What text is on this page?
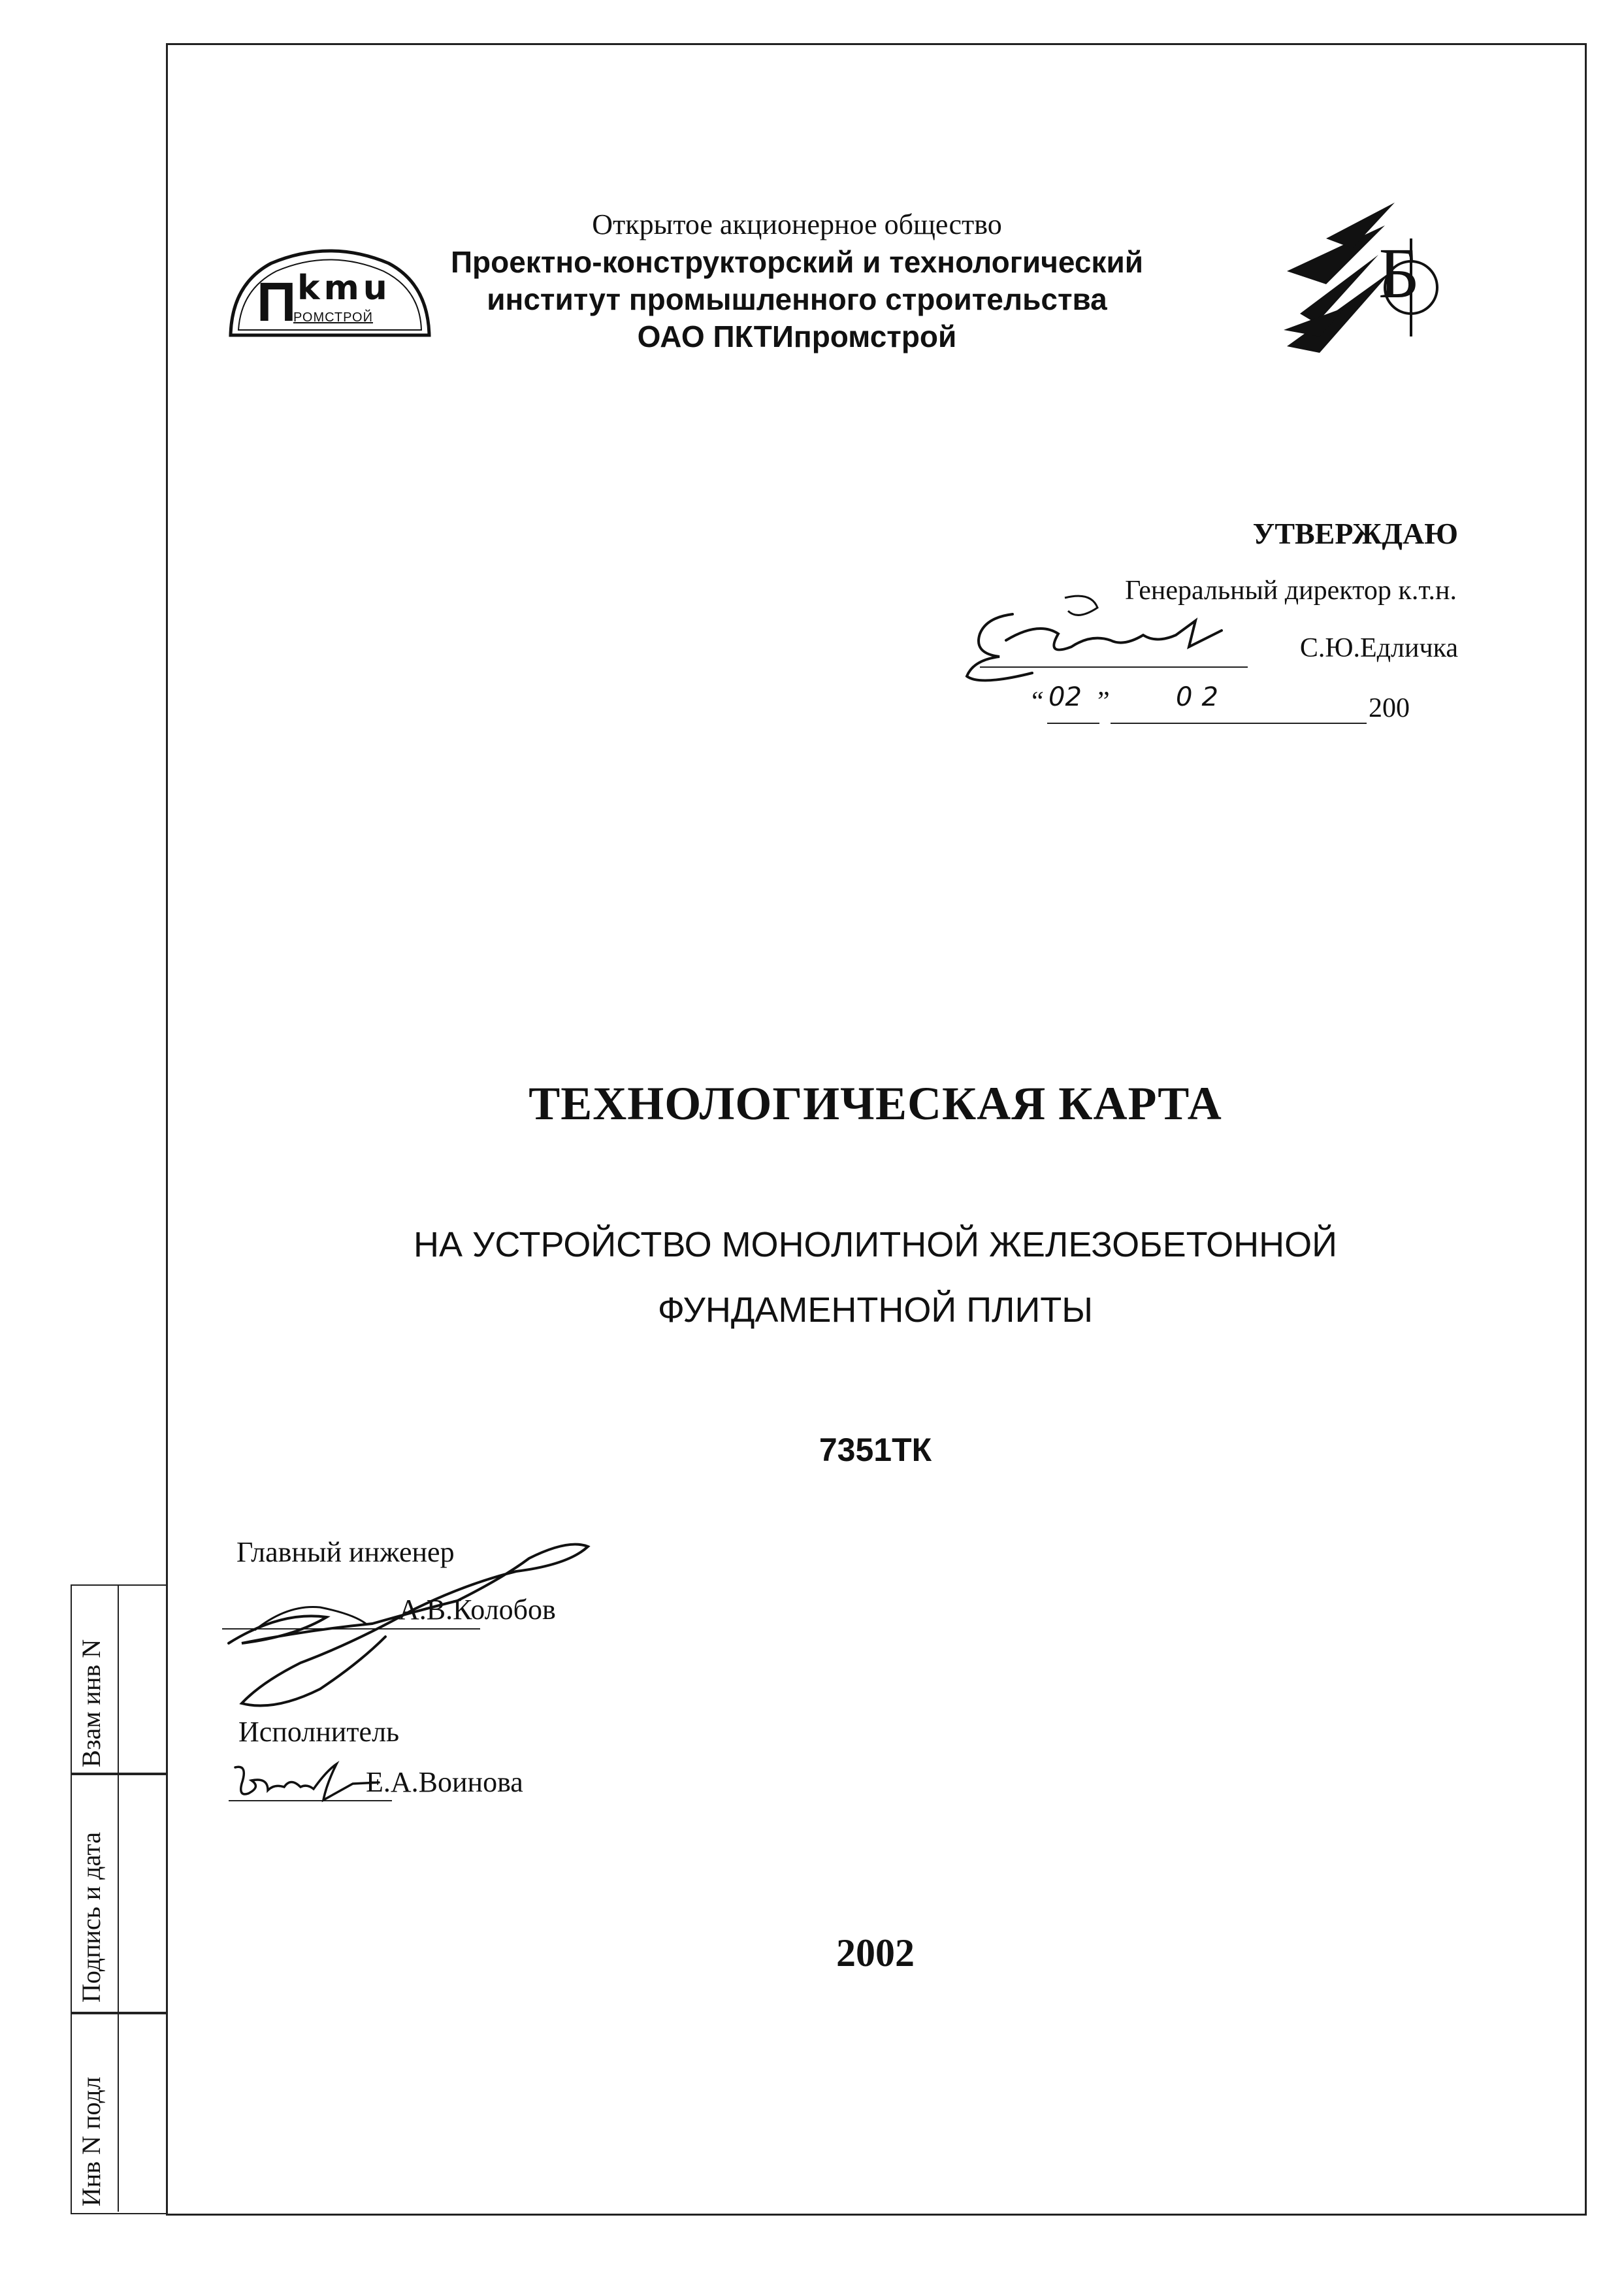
П kmu
РОМСТРОЙ
Открытое акционерное общество
Проектно-конструкторский и технологический
институт промышленного строительства
ОАО ПКТИпромстрой
Б
УТВЕРЖДАЮ
Генеральный директор к.т.н.
С.Ю.Едличка
“ 02 ”	02	200
ТЕХНОЛОГИЧЕСКАЯ КАРТА
НА УСТРОЙСТВО МОНОЛИТНОЙ ЖЕЛЕЗОБЕТОННОЙ
ФУНДАМЕНТНОЙ ПЛИТЫ
7351ТК
Главный инженер
А.В.Колобов
Исполнитель
Е.А.Воинова
2002
Взам инв N
Подпись и дата
Инв N подл
